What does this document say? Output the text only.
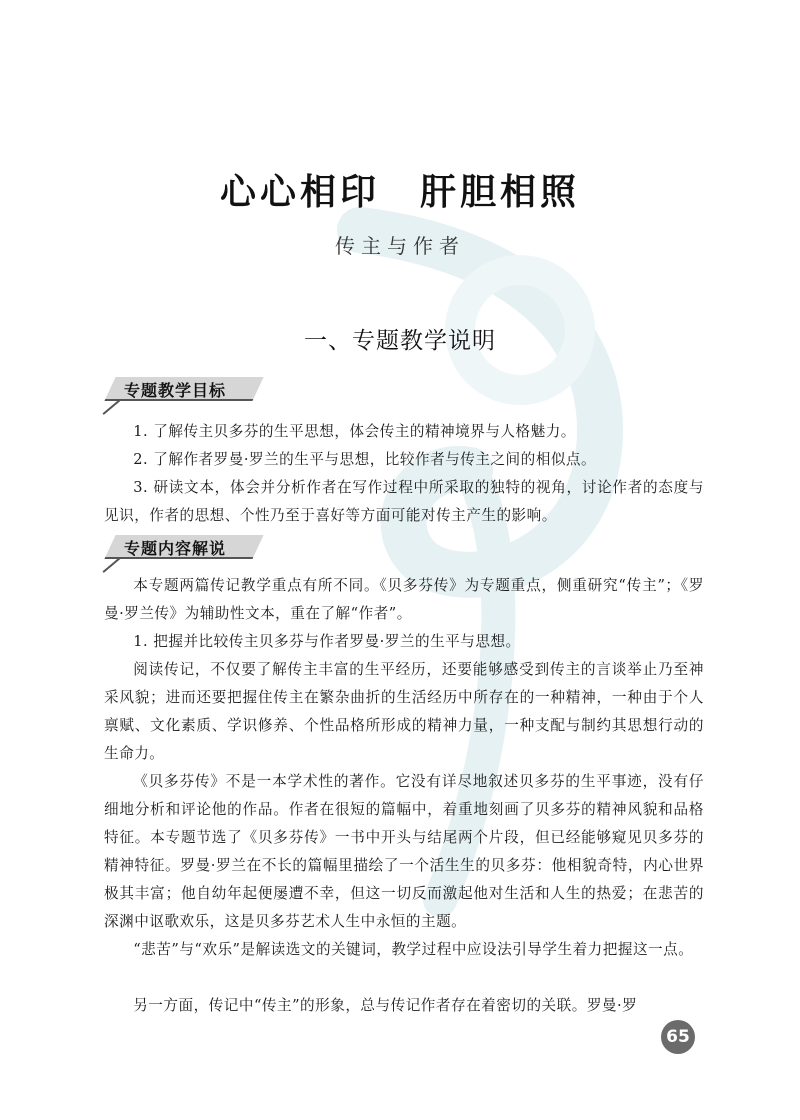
心心相印　肝胆相照
传主与作者
一、专题教学说明
专题教学目标

1. 了解传主贝多芬的生平思想，体会传主的精神境界与人格魅力。

2. 了解作者罗曼·罗兰的生平与思想，比较作者与传主之间的相似点。

3. 研读文本，体会并分析作者在写作过程中所采取的独特的视角，讨论作者的态度与见识，作者的思想、个性乃至于喜好等方面可能对传主产生的影响。

专题内容解说

本专题两篇传记教学重点有所不同。《贝多芬传》为专题重点，侧重研究“传主”；《罗曼·罗兰传》为辅助性文本，重在了解“作者”。

1. 把握并比较传主贝多芬与作者罗曼·罗兰的生平与思想。

阅读传记，不仅要了解传主丰富的生平经历，还要能够感受到传主的言谈举止乃至神采风貌；进而还要把握住传主在繁杂曲折的生活经历中所存在的一种精神，一种由于个人禀赋、文化素质、学识修养、个性品格所形成的精神力量，一种支配与制约其思想行动的生命力。

《贝多芬传》不是一本学术性的著作。它没有详尽地叙述贝多芬的生平事迹，没有仔细地分析和评论他的作品。作者在很短的篇幅中，着重地刻画了贝多芬的精神风貌和品格特征。本专题节选了《贝多芬传》一书中开头与结尾两个片段，但已经能够窥见贝多芬的精神特征。罗曼·罗兰在不长的篇幅里描绘了一个活生生的贝多芬：他相貌奇特，内心世界极其丰富；他自幼年起便屡遭不幸，但这一切反而激起他对生活和人生的热爱；在悲苦的深渊中讴歌欢乐，这是贝多芬艺术人生中永恒的主题。

“悲苦”与“欢乐”是解读选文的关键词，教学过程中应设法引导学生着力把握这一点。

另一方面，传记中“传主”的形象，总与传记作者存在着密切的关联。罗曼·罗

65
